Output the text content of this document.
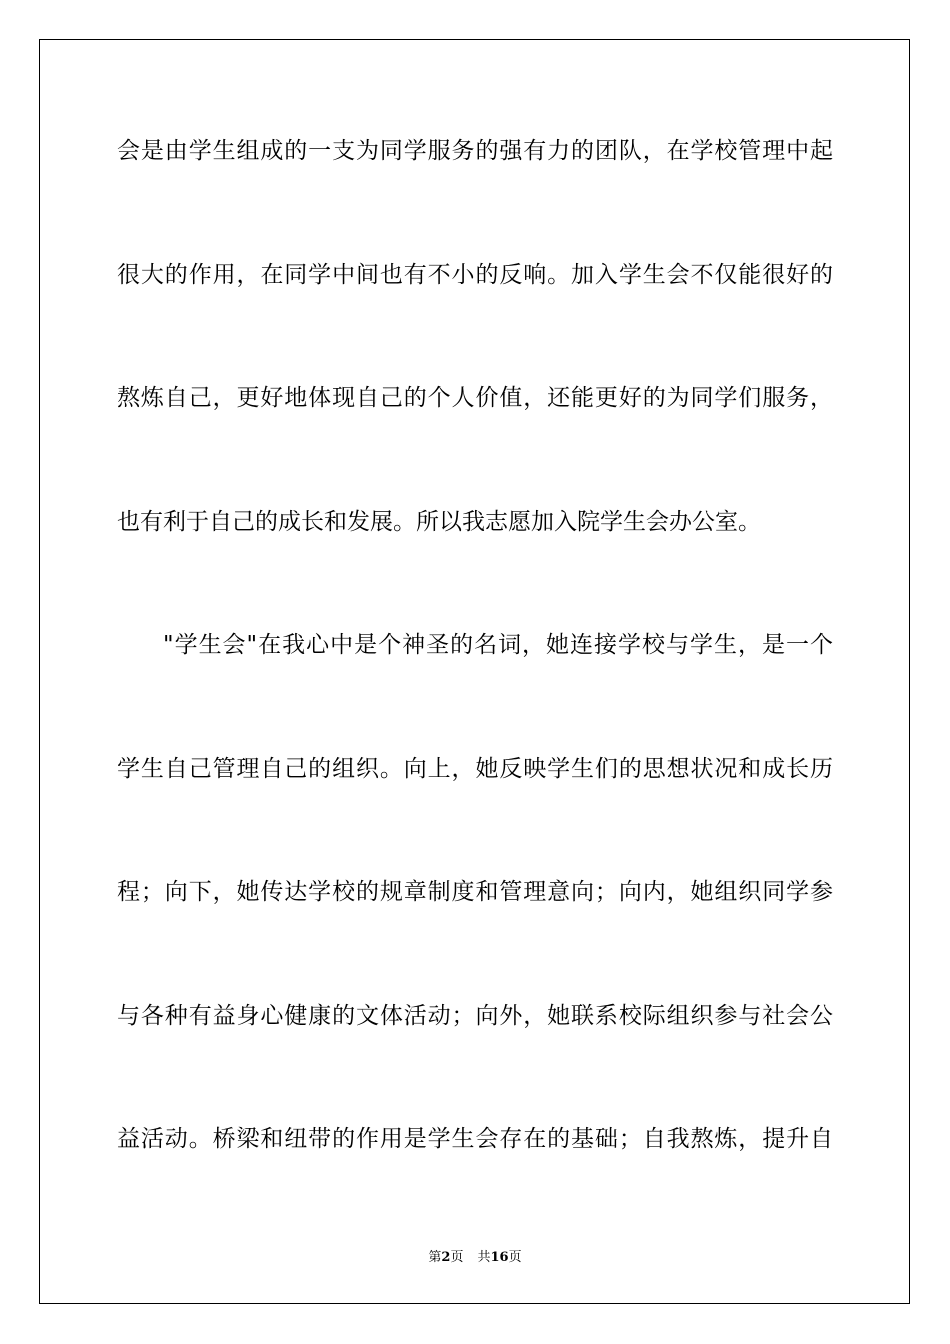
会是由学生组成的一支为同学服务的强有力的团队，在学校管理中起
很大的作用，在同学中间也有不小的反响。加入学生会不仅能很好的
熬炼自己，更好地体现自己的个人价值，还能更好的为同学们服务，
也有利于自己的成长和发展。所以我志愿加入院学生会办公室。
"学生会"在我心中是个神圣的名词，她连接学校与学生，是一个
学生自己管理自己的组织。向上，她反映学生们的思想状况和成长历
程；向下，她传达学校的规章制度和管理意向；向内，她组织同学参
与各种有益身心健康的文体活动；向外，她联系校际组织参与社会公
益活动。桥梁和纽带的作用是学生会存在的基础；自我熬炼，提升自
第2页 共16页
